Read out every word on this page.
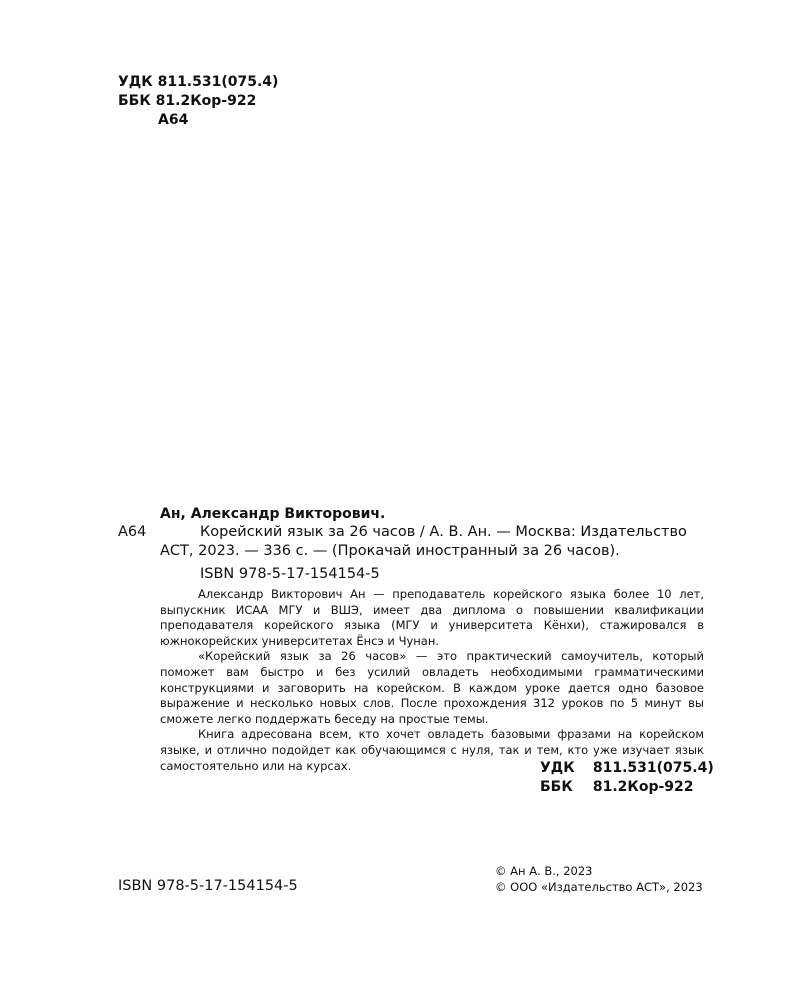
УДК 811.531(075.4)
ББК 81.2Кор-922
А64
Ан, Александр Викторович.
А64	Корейский язык за 26 часов / А. В. Ан. — Москва: Издательство

АСТ, 2023. — 336 с. — (Прокачай иностранный за 26 часов).

ISBN 978-5-17-154154-5

Александр Викторович Ан — преподаватель корейского языка более 10 лет, выпускник ИСАА МГУ и ВШЭ, имеет два диплома о повышении квалификации преподавателя корейского языка (МГУ и университета Кёнхи), стажировался в южнокорейских университетах Ёнсэ и Чунан.

«Корейский язык за 26 часов» — это практический самоучитель, который поможет вам быстро и без усилий овладеть необходимыми грамматическими конструкциями и заговорить на корейском. В каждом уроке дается одно базовое выражение и несколько новых слов. После прохождения 312 уроков по 5 минут вы сможете легко поддержать беседу на простые темы.

Книга адресована всем, кто хочет овладеть базовыми фразами на корейском языке, и отлично подойдет как обучающимся с нуля, так и тем, кто уже изучает язык самостоятельно или на курсах.	УДК 811.531(075.4)
ББК 81.2Кор-922
ISBN 978-5-17-154154-5
© Ан А. В., 2023
© ООО «Издательство АСТ», 2023
